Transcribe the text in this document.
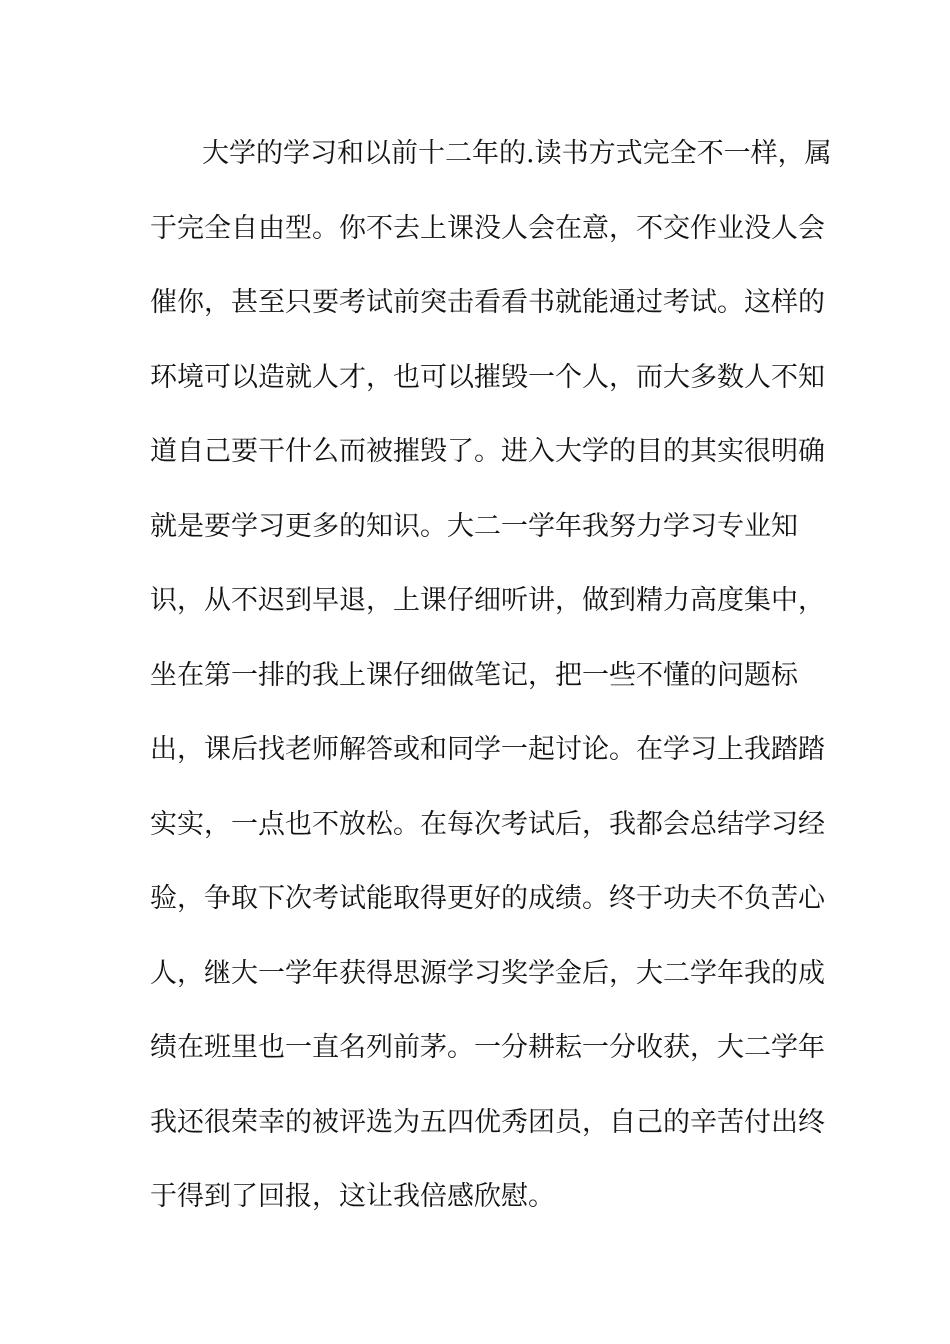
大学的学习和以前十二年的.读书方式完全不一样，属
于完全自由型。你不去上课没人会在意，不交作业没人会
催你，甚至只要考试前突击看看书就能通过考试。这样的
环境可以造就人才，也可以摧毁一个人，而大多数人不知
道自己要干什么而被摧毁了。进入大学的目的其实很明确
就是要学习更多的知识。大二一学年我努力学习专业知
识，从不迟到早退，上课仔细听讲，做到精力高度集中，
坐在第一排的我上课仔细做笔记，把一些不懂的问题标
出，课后找老师解答或和同学一起讨论。在学习上我踏踏
实实，一点也不放松。在每次考试后，我都会总结学习经
验，争取下次考试能取得更好的成绩。终于功夫不负苦心
人，继大一学年获得思源学习奖学金后，大二学年我的成
绩在班里也一直名列前茅。一分耕耘一分收获，大二学年
我还很荣幸的被评选为五四优秀团员，自己的辛苦付出终
于得到了回报，这让我倍感欣慰。
